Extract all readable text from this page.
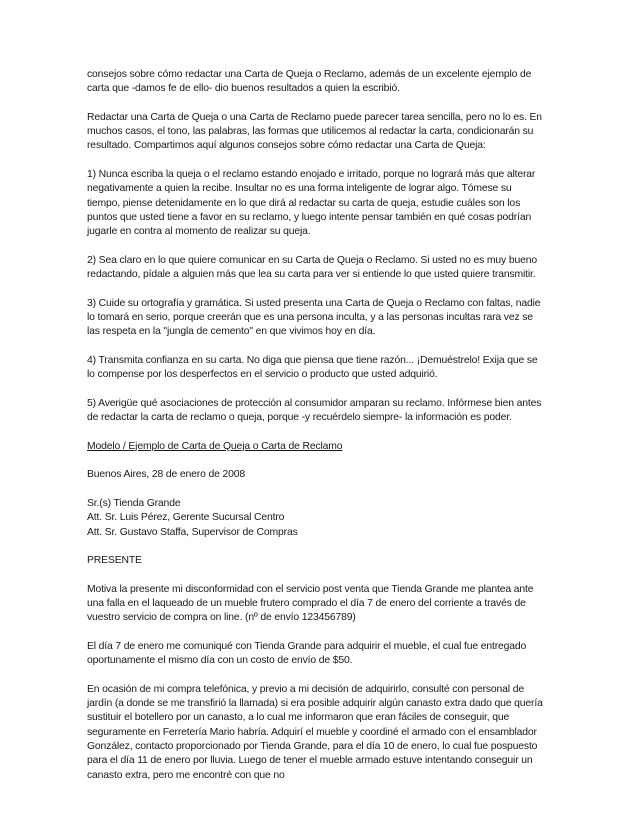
consejos sobre cómo redactar una Carta de Queja o Reclamo, además de un excelente ejemplo de carta que -damos fe de ello- dio buenos resultados a quien la escribió.

Redactar una Carta de Queja o una Carta de Reclamo puede parecer tarea sencilla, pero no lo es. En muchos casos, el tono, las palabras, las formas que utilicemos al redactar la carta, condicionarán su resultado. Compartimos aquí algunos consejos sobre cómo redactar una Carta de Queja:

1) Nunca escriba la queja o el reclamo estando enojado e irritado, porque no logrará más que alterar negativamente a quien la recibe. Insultar no es una forma inteligente de lograr algo. Tómese su tiempo, piense detenidamente en lo que dirá al redactar su carta de queja, estudie cuáles son los puntos que usted tiene a favor en su reclamo, y luego intente pensar también en qué cosas podrían jugarle en contra al momento de realizar su queja.

2) Sea claro en lo que quiere comunicar en su Carta de Queja o Reclamo. Si usted no es muy bueno redactando, pídale a alguien más que lea su carta para ver si entiende lo que usted quiere transmitir.

3) Cuide su ortografía y gramática. Si usted presenta una Carta de Queja o Reclamo con faltas, nadie lo tomará en serio, porque creerán que es una persona inculta, y a las personas incultas rara vez se las respeta en la "jungla de cemento" en que vivimos hoy en día.

4) Transmita confianza en su carta. No diga que piensa que tiene razón... ¡Demuéstrelo! Exija que se lo compense por los desperfectos en el servicio o producto que usted adquirió.

5) Averigüe qué asociaciones de protección al consumidor amparan su reclamo. Infórmese bien antes de redactar la carta de reclamo o queja, porque -y recuérdelo siempre- la información es poder.

Modelo / Ejemplo de Carta de Queja o Carta de Reclamo

Buenos Aires, 28 de enero de 2008

Sr.(s) Tienda Grande
Att. Sr. Luis Pérez, Gerente Sucursal Centro
Att. Sr. Gustavo Staffa, Supervisor de Compras

PRESENTE

Motiva la presente mi disconformidad con el servicio post venta que Tienda Grande me plantea ante una falla en el laqueado de un mueble frutero comprado el día 7 de enero del corriente a través de vuestro servicio de compra on line. (nº de envío 123456789)

El día 7 de enero me comuniqué con Tienda Grande para adquirir el mueble, el cual fue entregado oportunamente el mismo día con un costo de envío de $50.

En ocasión de mi compra telefónica, y previo a mi decisión de adquirirlo, consulté con personal de jardín (a donde se me transfirió la llamada) si era posible adquirir algún canasto extra dado que quería sustituir el botellero por un canasto, a lo cual me informaron que eran fáciles de conseguir, que seguramente en Ferretería Mario habría. Adquirí el mueble y coordiné el armado con el ensamblador González, contacto proporcionado por Tienda Grande, para el día 10 de enero, lo cual fue pospuesto para el día 11 de enero por lluvia. Luego de tener el mueble armado estuve intentando conseguir un canasto extra, pero me encontré con que no
